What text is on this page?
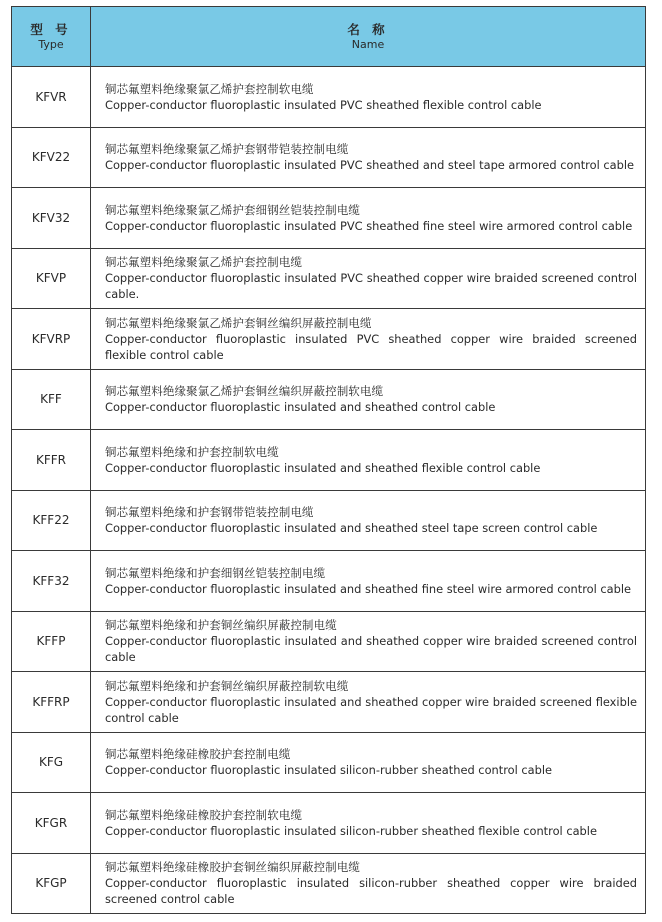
型 号
Type
名 称
Name
KFVR
铜芯氟塑料绝缘聚氯乙烯护套控制软电缆
Copper-conductor fluoroplastic insulated PVC sheathed flexible control cable
KFV22
铜芯氟塑料绝缘聚氯乙烯护套钢带铠装控制电缆
Copper-conductor fluoroplastic insulated PVC sheathed and steel tape armored control cable
KFV32
铜芯氟塑料绝缘聚氯乙烯护套细钢丝铠装控制电缆
Copper-conductor fluoroplastic insulated PVC sheathed fine steel wire armored control cable
KFVP
铜芯氟塑料绝缘聚氯乙烯护套控制电缆
Copper-conductor fluoroplastic insulated PVC sheathed copper wire braided screened control cable.
KFVRP
铜芯氟塑料绝缘聚氯乙烯护套铜丝编织屏蔽控制电缆
Copper-conductor fluoroplastic insulated PVC sheathed copper wire braided screened flexible control cable
KFF
铜芯氟塑料绝缘聚氯乙烯护套铜丝编织屏蔽控制软电缆
Copper-conductor fluoroplastic insulated and sheathed control cable
KFFR
铜芯氟塑料绝缘和护套控制软电缆
Copper-conductor fluoroplastic insulated and sheathed flexible control cable
KFF22
铜芯氟塑料绝缘和护套钢带铠装控制电缆
Copper-conductor fluoroplastic insulated and sheathed steel tape screen control cable
KFF32
铜芯氟塑料绝缘和护套细钢丝铠装控制电缆
Copper-conductor fluoroplastic insulated and sheathed fine steel wire armored control cable
KFFP
铜芯氟塑料绝缘和护套铜丝编织屏蔽控制电缆
Copper-conductor fluoroplastic insulated and sheathed copper wire braided screened control cable
KFFRP
铜芯氟塑料绝缘和护套铜丝编织屏蔽控制软电缆
Copper-conductor fluoroplastic insulated and sheathed copper wire braided screened flexible control cable
KFG
铜芯氟塑料绝缘硅橡胶护套控制电缆
Copper-conductor fluoroplastic insulated silicon-rubber sheathed control cable
KFGR
铜芯氟塑料绝缘硅橡胶护套控制软电缆
Copper-conductor fluoroplastic insulated silicon-rubber sheathed flexible control cable
KFGP
铜芯氟塑料绝缘硅橡胶护套铜丝编织屏蔽控制电缆
Copper-conductor fluoroplastic insulated silicon-rubber sheathed copper wire braided screened control cable
